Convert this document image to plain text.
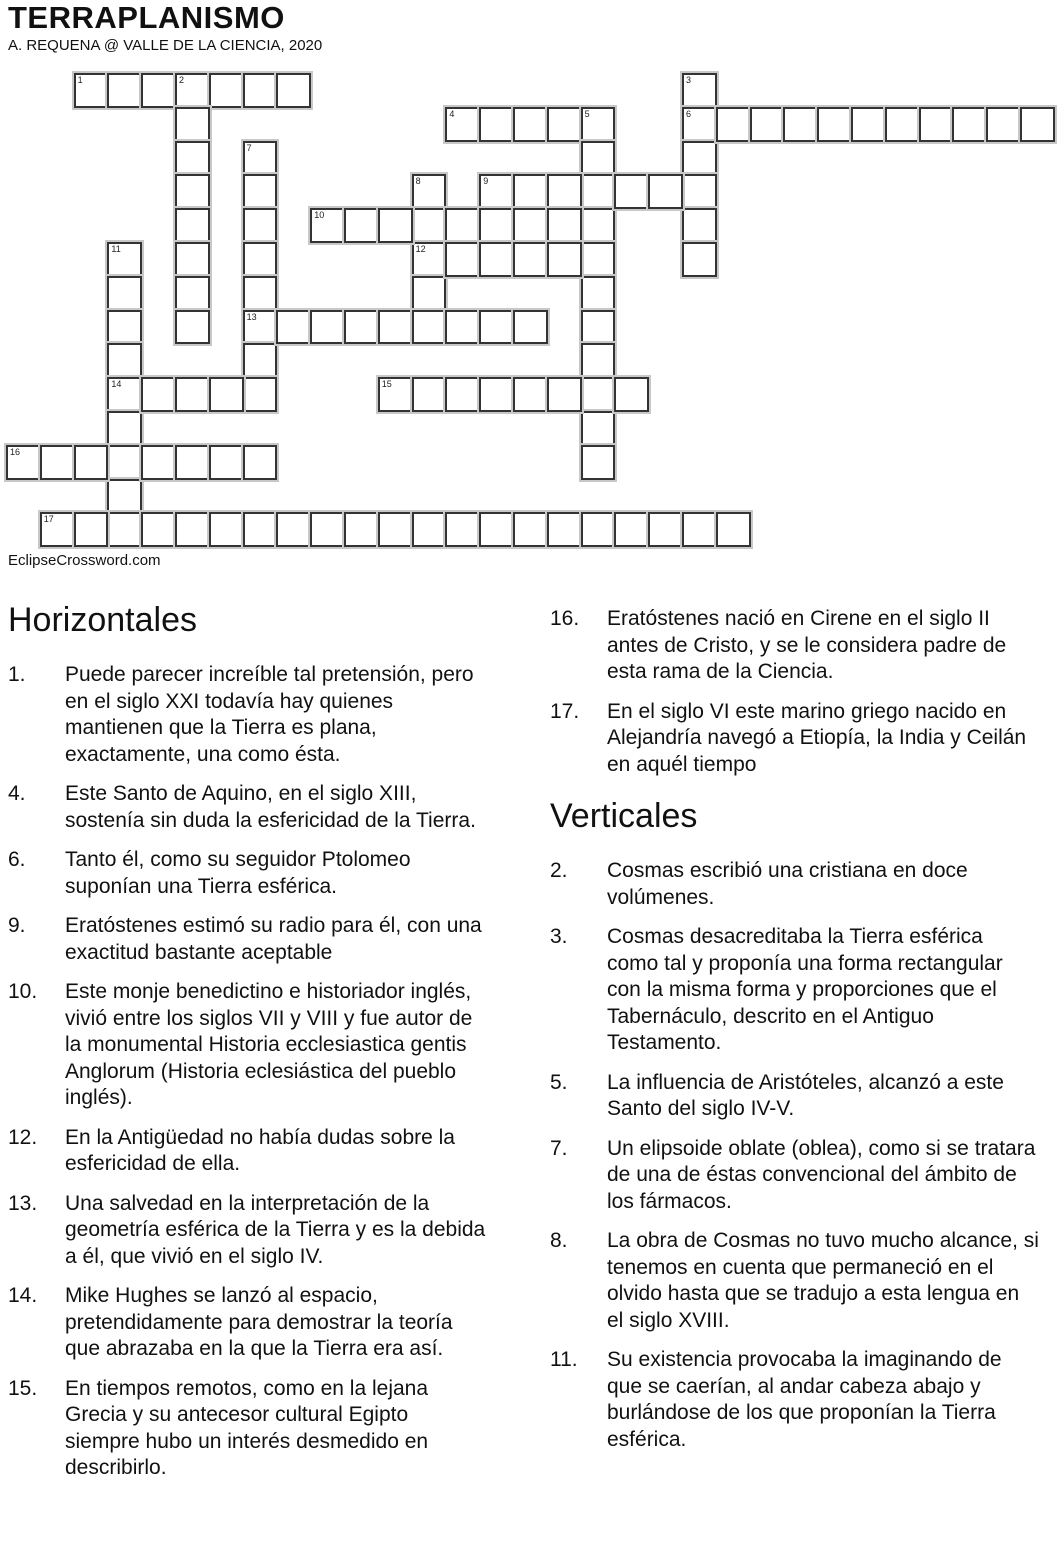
TERRAPLANISMO
A. REQUENA @ VALLE DE LA CIENCIA, 2020
1	2	3
6
4	5
7
13
8
12
9
10
11
14	15
16
17
EclipseCrossword.com
Horizontales
1. Puede parecer increíble tal pretensión, pero en el siglo XXI todavía hay quienes mantienen que la Tierra es plana, exactamente, una como ésta.
4. Este Santo de Aquino, en el siglo XIII, sostenía sin duda la esfericidad de la Tierra.
6. Tanto él, como su seguidor Ptolomeo suponían una Tierra esférica.
9. Eratóstenes estimó su radio para él, con una exactitud bastante aceptable
10. Este monje benedictino e historiador inglés, vivió entre los siglos VII y VIII y fue autor de la monumental Historia ecclesiastica gentis Anglorum (Historia eclesiástica del pueblo inglés).
12. En la Antigüedad no había dudas sobre la esfericidad de ella.
13. Una salvedad en la interpretación de la geometría esférica de la Tierra y es la debida a él, que vivió en el siglo IV.
14. Mike Hughes se lanzó al espacio, pretendidamente para demostrar la teoría que abrazaba en la que la Tierra era así.
15. En tiempos remotos, como en la lejana Grecia y su antecesor cultural Egipto siempre hubo un interés desmedido en describirlo.
16. Eratóstenes nació en Cirene en el siglo II antes de Cristo, y se le considera padre de esta rama de la Ciencia.
17. En el siglo VI este marino griego nacido en Alejandría navegó a Etiopía, la India y Ceilán en aquél tiempo
Verticales
2. Cosmas escribió una cristiana en doce volúmenes.
3. Cosmas desacreditaba la Tierra esférica como tal y proponía una forma rectangular con la misma forma y proporciones que el Tabernáculo, descrito en el Antiguo Testamento.
5. La influencia de Aristóteles, alcanzó a este Santo del siglo IV-V.
7. Un elipsoide oblate (oblea), como si se tratara de una de éstas convencional del ámbito de los fármacos.
8. La obra de Cosmas no tuvo mucho alcance, si tenemos en cuenta que permaneció en el olvido hasta que se tradujo a esta lengua en el siglo XVIII.
11. Su existencia provocaba la imaginando de que se caerían, al andar cabeza abajo y burlándose de los que proponían la Tierra esférica.
